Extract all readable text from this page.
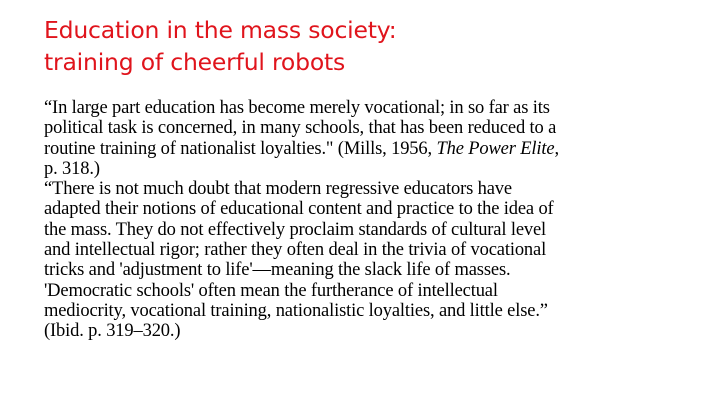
Education in the mass society:
training of cheerful robots
“In large part education has become merely vocational; in so far as its
political task is concerned, in many schools, that has been reduced to a
routine training of nationalist loyalties." (Mills, 1956, The Power Elite,
p. 318.)
“There is not much doubt that modern regressive educators have
adapted their notions of educational content and practice to the idea of
the mass. They do not effectively proclaim standards of cultural level
and intellectual rigor; rather they often deal in the trivia of vocational
tricks and 'adjustment to life'—meaning the slack life of masses.
'Democratic schools' often mean the furtherance of intellectual
mediocrity, vocational training, nationalistic loyalties, and little else.”
(Ibid. p. 319–320.)
